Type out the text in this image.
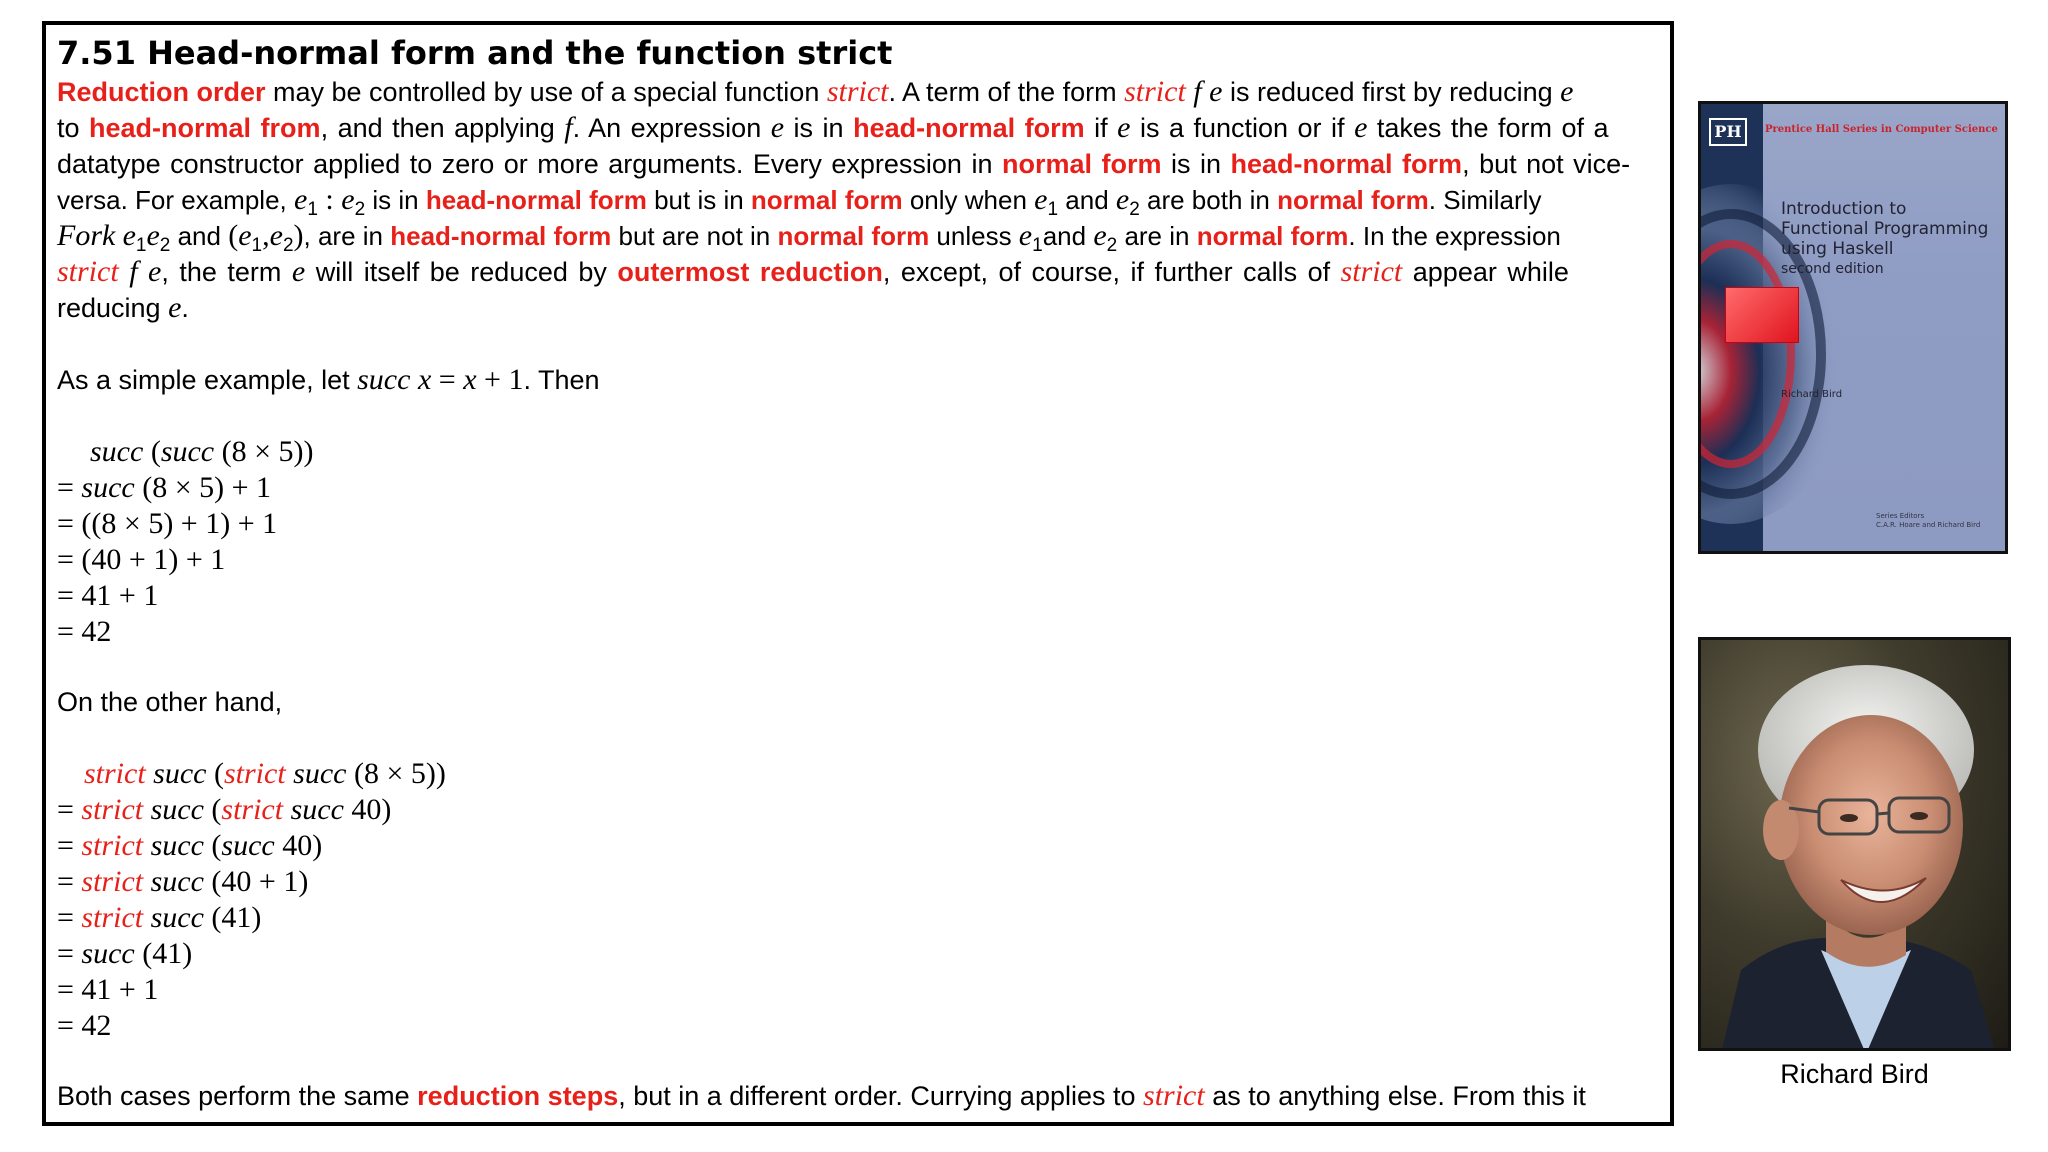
7.51 Head-normal form and the function strict
Reduction order may be controlled by use of a special function strict. A term of the form strict f e is reduced first by reducing e
to head-normal from, and then applying f. An expression e is in head-normal form if e is a function or if e takes the form of a
datatype constructor applied to zero or more arguments. Every expression in normal form is in head-normal form, but not vice-
versa. For example, $e_1$ : $e_2$ is in head-normal form but is in normal form only when $e_1$ and $e_2$ are both in normal form. Similarly
Fork $e_1e_2$ and $(e_1,e_2)$, are in head-normal form but are not in normal form unless $e_1and$ $e_2$ are in normal form. In the expression
strict f e, the term e will itself be reduced by outermost reduction, except, of course, if further calls of strict appear while
reducing e.
As a simple example, let succ x = x + 1. Then
succ (succ (8 × 5))
= succ (8 × 5) + 1
= ((8 × 5) + 1) + 1
= (40 + 1) + 1
= 41 + 1
= 42
On the other hand,
strict succ (strict succ (8 × 5))
= strict succ (strict succ 40)
= strict succ (succ 40)
= strict succ (40 + 1)
= strict succ (41)
= succ (41)
= 41 + 1
= 42
Both cases perform the same reduction steps, but in a different order. Currying applies to strict as to anything else. From this it
PH	Prentice Hall Series in Computer Science
Introduction to Functional Programming using Haskell
second edition
Richard Bird
Series Editors
C.A.R. Hoare and Richard Bird
Richard Bird
